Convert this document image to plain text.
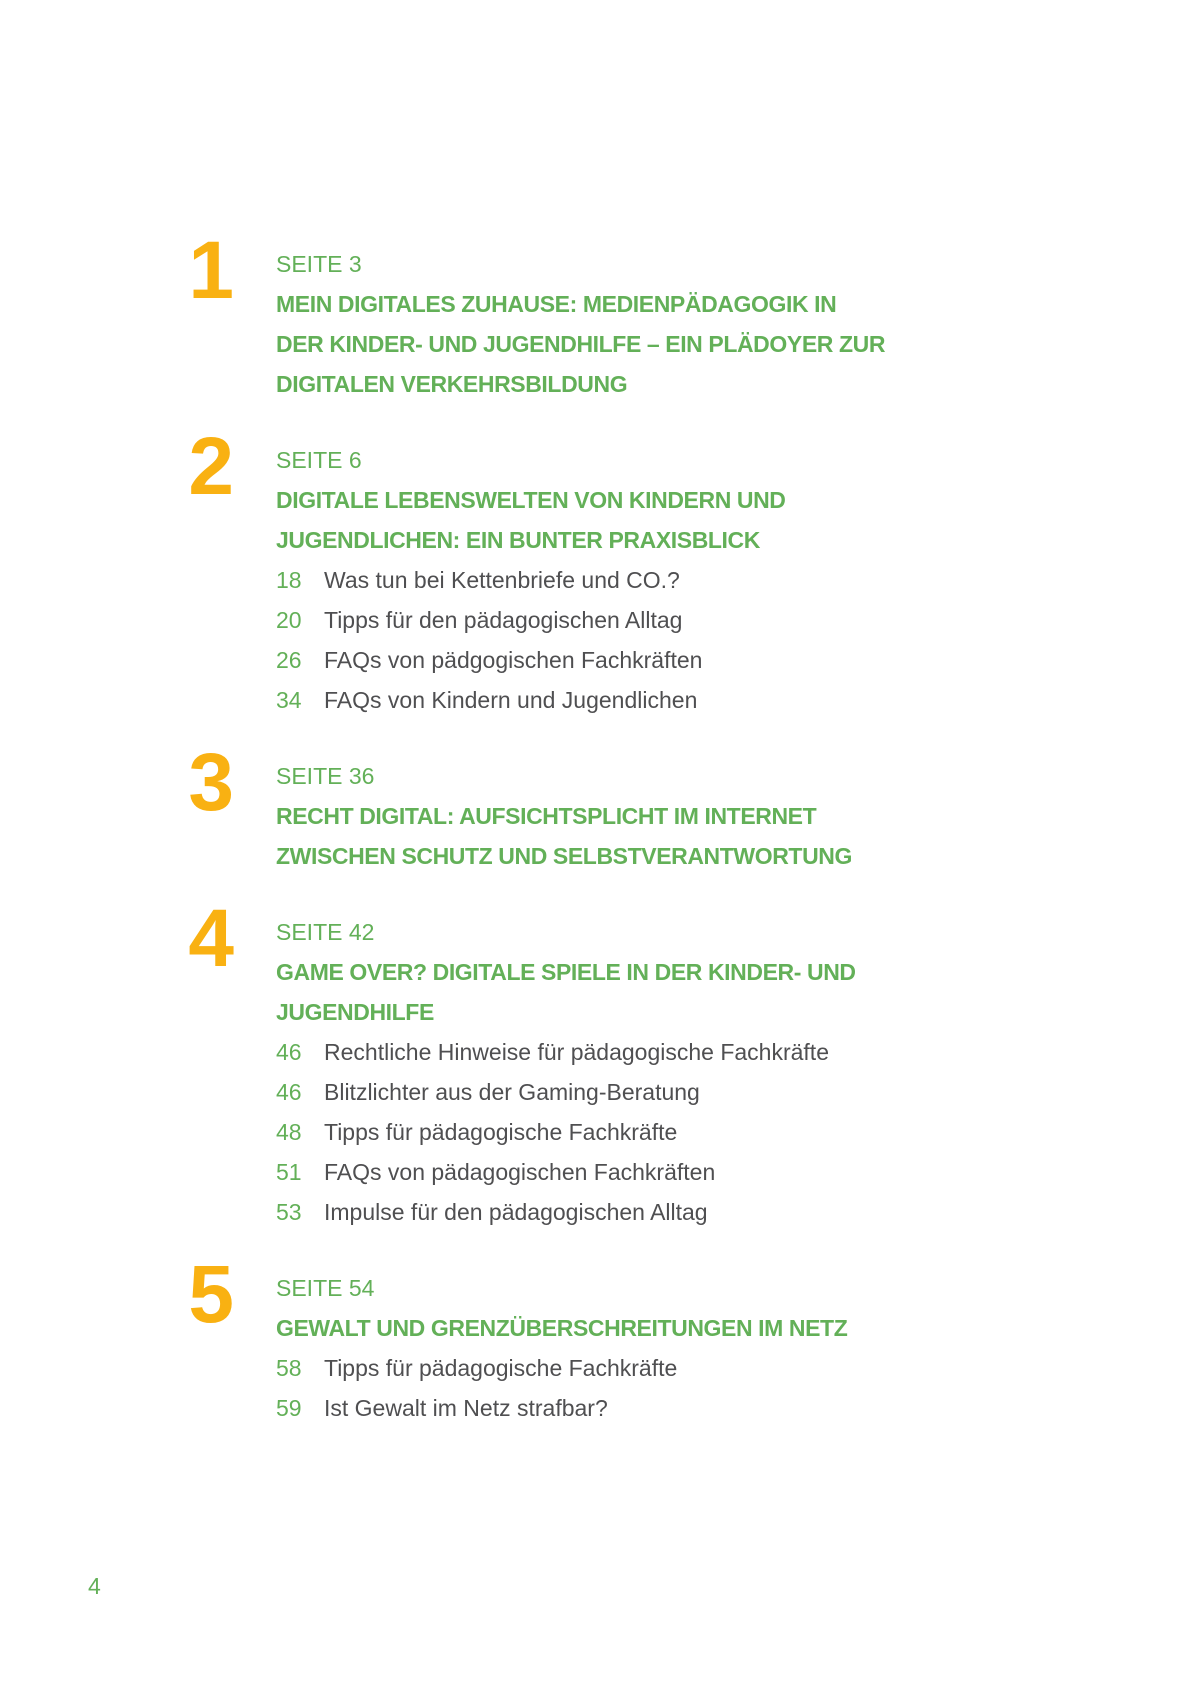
1 SEITE 3
MEIN DIGITALES ZUHAUSE: MEDIENPÄDAGOGIK IN
DER KINDER- UND JUGENDHILFE – EIN PLÄDOYER ZUR
DIGITALEN VERKEHRSBILDUNG
2 SEITE 6
DIGITALE LEBENSWELTEN VON KINDERN UND
JUGENDLICHEN: EIN BUNTER PRAXISBLICK
18 Was tun bei Kettenbriefe und CO.?
20 Tipps für den pädagogischen Alltag
26 FAQs von pädgogischen Fachkräften
34 FAQs von Kindern und Jugendlichen
3 SEITE 36
RECHT DIGITAL: AUFSICHTSPLICHT IM INTERNET
ZWISCHEN SCHUTZ UND SELBSTVERANTWORTUNG
4 SEITE 42
GAME OVER? DIGITALE SPIELE IN DER KINDER- UND
JUGENDHILFE
46 Rechtliche Hinweise für pädagogische Fachkräfte
46 Blitzlichter aus der Gaming-Beratung
48 Tipps für pädagogische Fachkräfte
51 FAQs von pädagogischen Fachkräften
53 Impulse für den pädagogischen Alltag
5 SEITE 54
GEWALT UND GRENZÜBERSCHREITUNGEN IM NETZ
58 Tipps für pädagogische Fachkräfte
59 Ist Gewalt im Netz strafbar?
4
